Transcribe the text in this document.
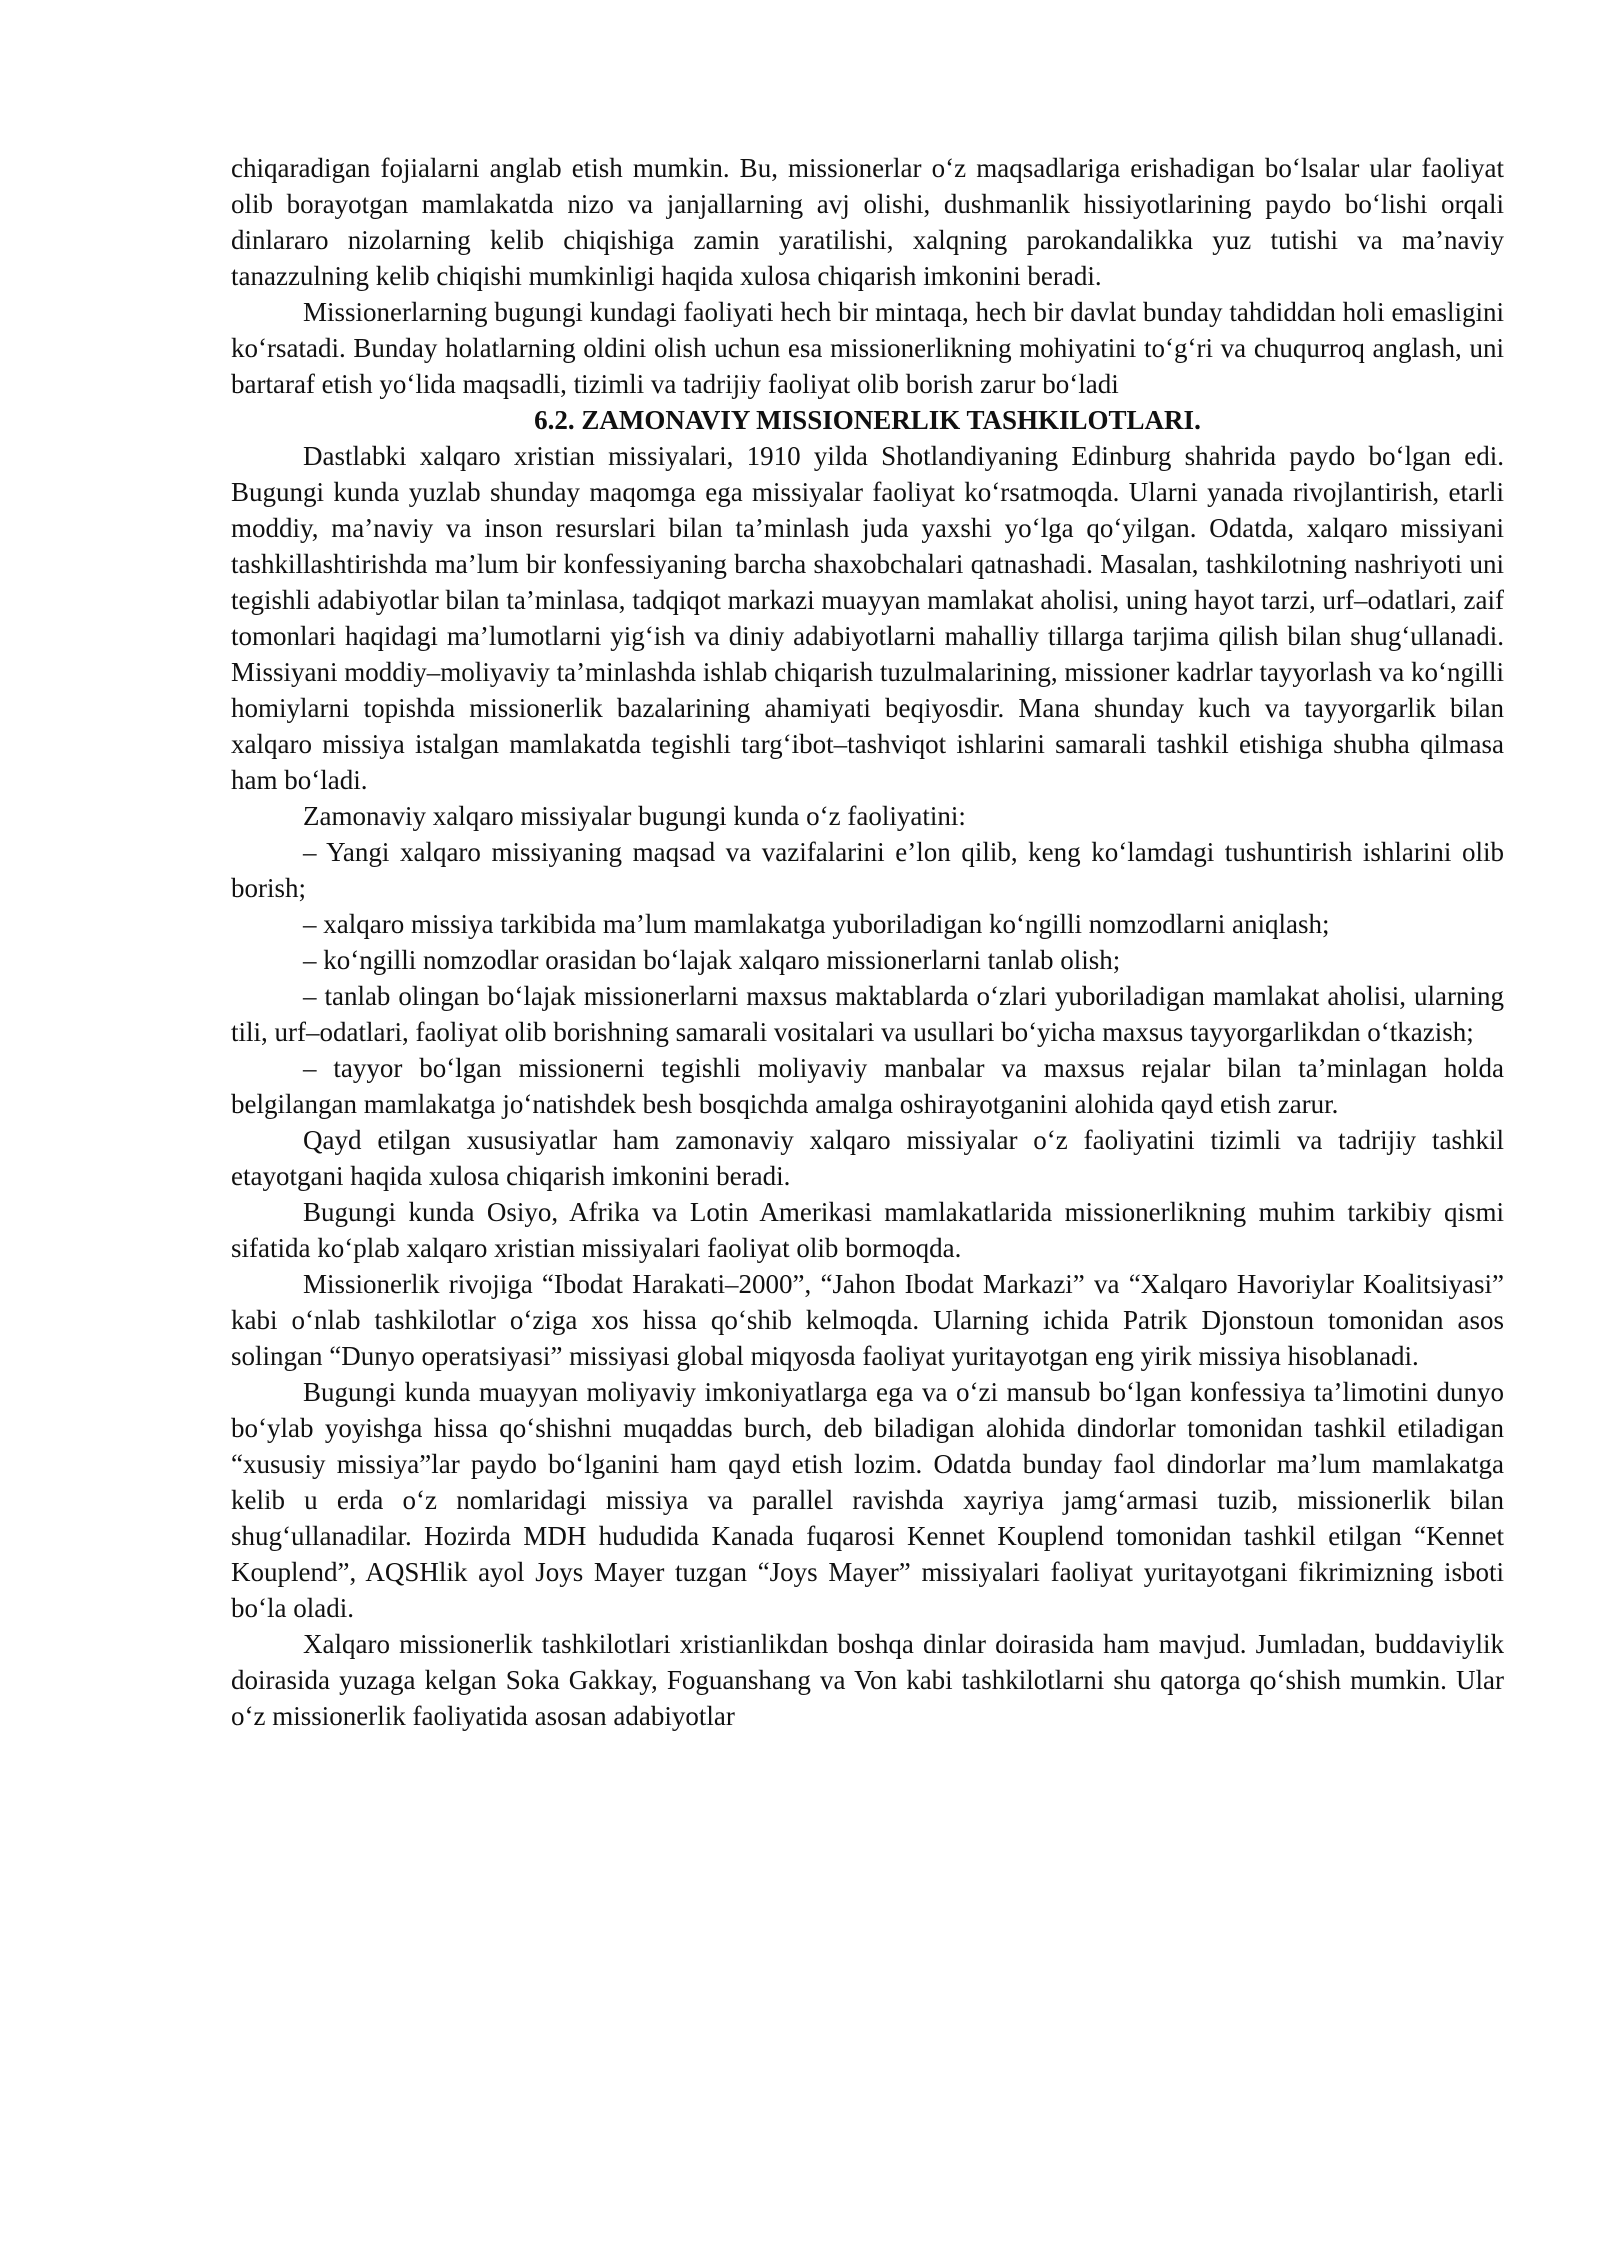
chiqaradigan fojialarni anglab etish mumkin. Bu, missionerlar o‘z maqsadlariga erishadigan bo‘lsalar ular faoliyat olib borayotgan mamlakatda nizo va janjallarning avj olishi, dushmanlik hissiyotlarining paydo bo‘lishi orqali dinlararo nizolarning kelib chiqishiga zamin yaratilishi, xalqning parokandalikka yuz tutishi va ma’naviy tanazzulning kelib chiqishi mumkinligi haqida xulosa chiqarish imkonini beradi.

Missionerlarning bugungi kundagi faoliyati hech bir mintaqa, hech bir davlat bunday tahdiddan holi emasligini ko‘rsatadi. Bunday holatlarning oldini olish uchun esa missionerlikning mohiyatini to‘g‘ri va chuqurroq anglash, uni bartaraf etish yo‘lida maqsadli, tizimli va tadrijiy faoliyat olib borish zarur bo‘ladi

6.2. ZAMONAVIY MISSIONERLIK TASHKILOTLARI.

Dastlabki xalqaro xristian missiyalari, 1910 yilda Shotlandiyaning Edinburg shahrida paydo bo‘lgan edi. Bugungi kunda yuzlab shunday maqomga ega missiyalar faoliyat ko‘rsatmoqda. Ularni yanada rivojlantirish, etarli moddiy, ma’naviy va inson resurslari bilan ta’minlash juda yaxshi yo‘lga qo‘yilgan. Odatda, xalqaro missiyani tashkillashtirishda ma’lum bir konfessiyaning barcha shaxobchalari qatnashadi. Masalan, tashkilotning nashriyoti uni tegishli adabiyotlar bilan ta’minlasa, tadqiqot markazi muayyan mamlakat aholisi, uning hayot tarzi, urf–odatlari, zaif tomonlari haqidagi ma’lumotlarni yig‘ish va diniy adabiyotlarni mahalliy tillarga tarjima qilish bilan shug‘ullanadi. Missiyani moddiy–moliyaviy ta’minlashda ishlab chiqarish tuzulmalarining, missioner kadrlar tayyorlash va ko‘ngilli homiylarni topishda missionerlik bazalarining ahamiyati beqiyosdir. Mana shunday kuch va tayyorgarlik bilan xalqaro missiya istalgan mamlakatda tegishli targ‘ibot–tashviqot ishlarini samarali tashkil etishiga shubha qilmasa ham bo‘ladi.

Zamonaviy xalqaro missiyalar bugungi kunda o‘z faoliyatini:

– Yangi xalqaro missiyaning maqsad va vazifalarini e’lon qilib, keng ko‘lamdagi tushuntirish ishlarini olib borish;

– xalqaro missiya tarkibida ma’lum mamlakatga yuboriladigan ko‘ngilli nomzodlarni aniqlash;

– ko‘ngilli nomzodlar orasidan bo‘lajak xalqaro missionerlarni tanlab olish;

– tanlab olingan bo‘lajak missionerlarni maxsus maktablarda o‘zlari yuboriladigan mamlakat aholisi, ularning tili, urf–odatlari, faoliyat olib borishning samarali vositalari va usullari bo‘yicha maxsus tayyorgarlikdan o‘tkazish;

– tayyor bo‘lgan missionerni tegishli moliyaviy manbalar va maxsus rejalar bilan ta’minlagan holda belgilangan mamlakatga jo‘natishdek besh bosqichda amalga oshirayotganini alohida qayd etish zarur.

Qayd etilgan xususiyatlar ham zamonaviy xalqaro missiyalar o‘z faoliyatini tizimli va tadrijiy tashkil etayotgani haqida xulosa chiqarish imkonini beradi.

Bugungi kunda Osiyo, Afrika va Lotin Amerikasi mamlakatlarida missionerlikning muhim tarkibiy qismi sifatida ko‘plab xalqaro xristian missiyalari faoliyat olib bormoqda.

Missionerlik rivojiga “Ibodat Harakati–2000”, “Jahon Ibodat Markazi” va “Xalqaro Havoriylar Koalitsiyasi” kabi o‘nlab tashkilotlar o‘ziga xos hissa qo‘shib kelmoqda. Ularning ichida Patrik Djonstoun tomonidan asos solingan “Dunyo operatsiyasi” missiyasi global miqyosda faoliyat yuritayotgan eng yirik missiya hisoblanadi.

Bugungi kunda muayyan moliyaviy imkoniyatlarga ega va o‘zi mansub bo‘lgan konfessiya ta’limotini dunyo bo‘ylab yoyishga hissa qo‘shishni muqaddas burch, deb biladigan alohida dindorlar tomonidan tashkil etiladigan “xususiy missiya”lar paydo bo‘lganini ham qayd etish lozim. Odatda bunday faol dindorlar ma’lum mamlakatga kelib u erda o‘z nomlaridagi missiya va parallel ravishda xayriya jamg‘armasi tuzib, missionerlik bilan shug‘ullanadilar. Hozirda MDH hududida Kanada fuqarosi Kennet Kouplend tomonidan tashkil etilgan “Kennet Kouplend”, AQSHlik ayol Joys Mayer tuzgan “Joys Mayer” missiyalari faoliyat yuritayotgani fikrimizning isboti bo‘la oladi.

Xalqaro missionerlik tashkilotlari xristianlikdan boshqa dinlar doirasida ham mavjud. Jumladan, buddaviylik doirasida yuzaga kelgan Soka Gakkay, Foguanshang va Von kabi tashkilotlarni shu qatorga qo‘shish mumkin. Ular o‘z missionerlik faoliyatida asosan adabiyotlar
